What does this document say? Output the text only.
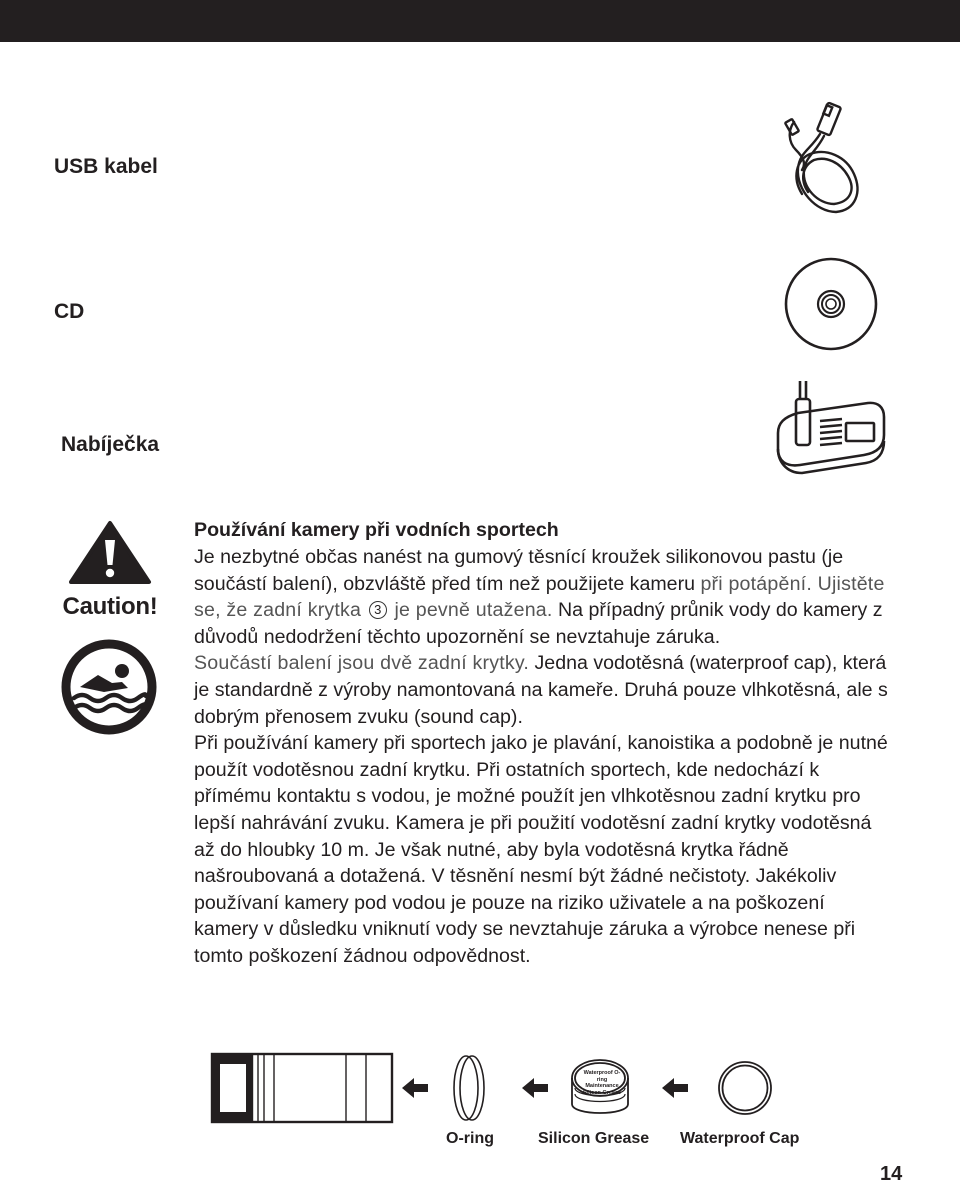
USB kabel
CD
Nabíječka
Caution!
Používání kamery při vodních sportech

Je nezbytné občas nanést na gumový těsnící kroužek silikonovou pastu (je součástí balení), obzvláště před tím než použijete kameru při potápění. Ujistěte se, že zadní krytka 3 je pevně utažena. Na případný průnik vody do kamery z důvodů nedodržení těchto upozornění se nevztahuje záruka.

Součástí balení jsou dvě zadní krytky. Jedna vodotěsná (waterproof cap), která je standardně z výroby namontovaná na kameře. Druhá pouze vlhkotěsná, ale s dobrým přenosem zvuku (sound cap).

Při používání kamery při sportech jako je plavání, kanoistika a podobně je nutné použít vodotěsnou zadní krytku. Při ostatních sportech, kde nedochází k přímému kontaktu s vodou, je možné použít jen vlhkotěsnou zadní krytku pro lepší nahrávání zvuku. Kamera je při použití vodotěsní zadní krytky vodotěsná až do hloubky 10 m. Je však nutné, aby byla vodotěsná krytka řádně našroubovaná a dotažená. V těsnění nesmí být žádné nečistoty. Jakékoliv používaní kamery pod vodou je pouze na riziko uživatele a na poškození kamery v důsledku vniknutí vody se nevztahuje záruka a výrobce nenese při tomto poškození žádnou odpovědnost.

Waterproof O-ring
Maintenance
Silicon Grease
O-ring	Silicon Grease Waterproof Cap
14
